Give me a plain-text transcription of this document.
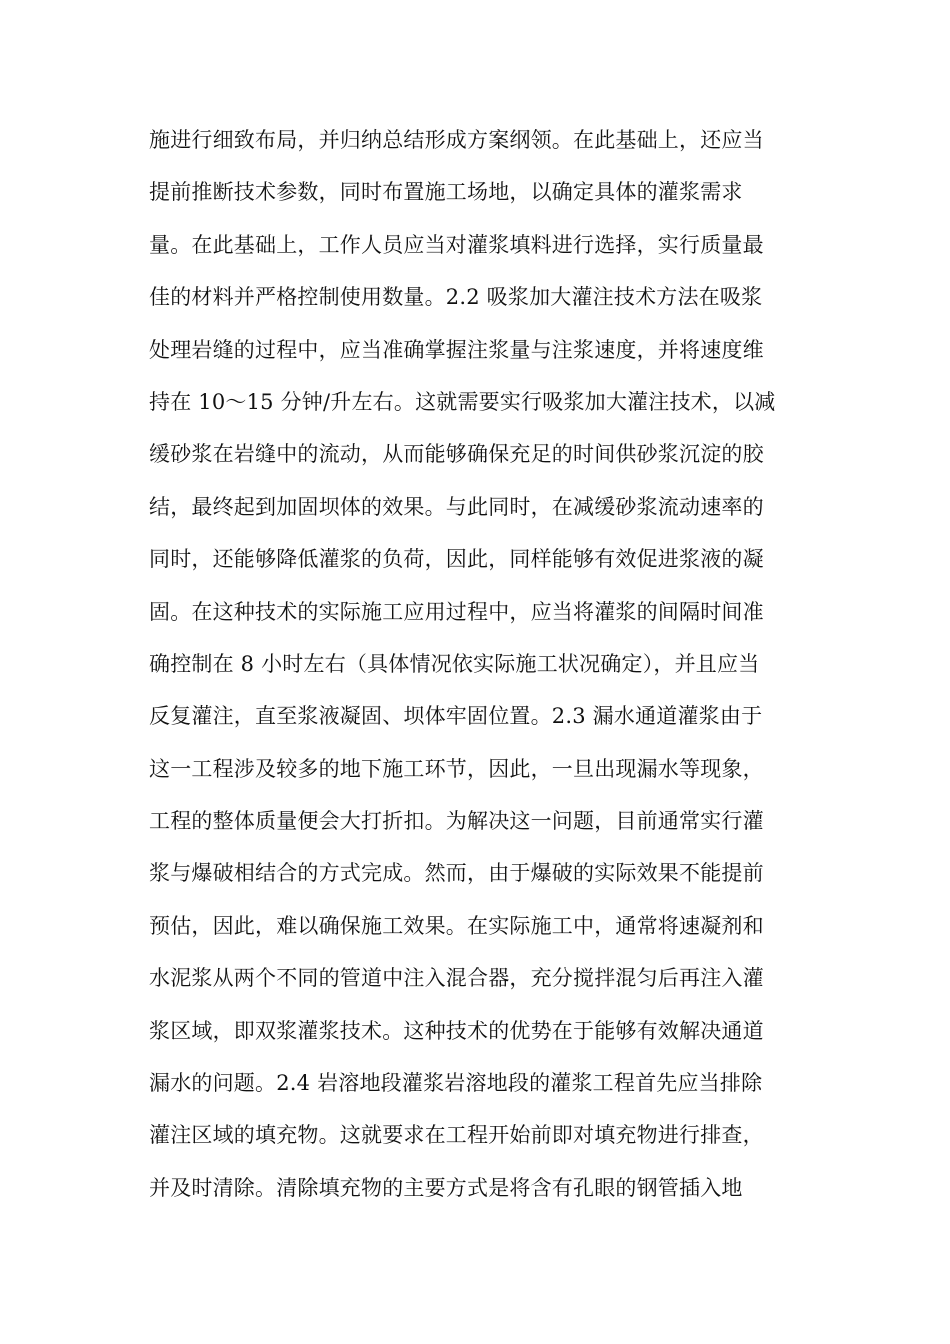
施进行细致布局，并归纳总结形成方案纲领。在此基础上，还应当
提前推断技术参数，同时布置施工场地，以确定具体的灌浆需求
量。在此基础上，工作人员应当对灌浆填料进行选择，实行质量最
佳的材料并严格控制使用数量。2.2 吸浆加大灌注技术方法在吸浆
处理岩缝的过程中，应当准确掌握注浆量与注浆速度，并将速度维
持在 10～15 分钟/升左右。这就需要实行吸浆加大灌注技术，以减
缓砂浆在岩缝中的流动，从而能够确保充足的时间供砂浆沉淀的胶
结，最终起到加固坝体的效果。与此同时，在减缓砂浆流动速率的
同时，还能够降低灌浆的负荷，因此，同样能够有效促进浆液的凝
固。在这种技术的实际施工应用过程中，应当将灌浆的间隔时间准
确控制在 8 小时左右（具体情况依实际施工状况确定），并且应当
反复灌注，直至浆液凝固、坝体牢固位置。2.3 漏水通道灌浆由于
这一工程涉及较多的地下施工环节，因此，一旦出现漏水等现象，
工程的整体质量便会大打折扣。为解决这一问题，目前通常实行灌
浆与爆破相结合的方式完成。然而，由于爆破的实际效果不能提前
预估，因此，难以确保施工效果。在实际施工中，通常将速凝剂和
水泥浆从两个不同的管道中注入混合器，充分搅拌混匀后再注入灌
浆区域，即双浆灌浆技术。这种技术的优势在于能够有效解决通道
漏水的问题。2.4 岩溶地段灌浆岩溶地段的灌浆工程首先应当排除
灌注区域的填充物。这就要求在工程开始前即对填充物进行排查，
并及时清除。清除填充物的主要方式是将含有孔眼的钢管插入地
